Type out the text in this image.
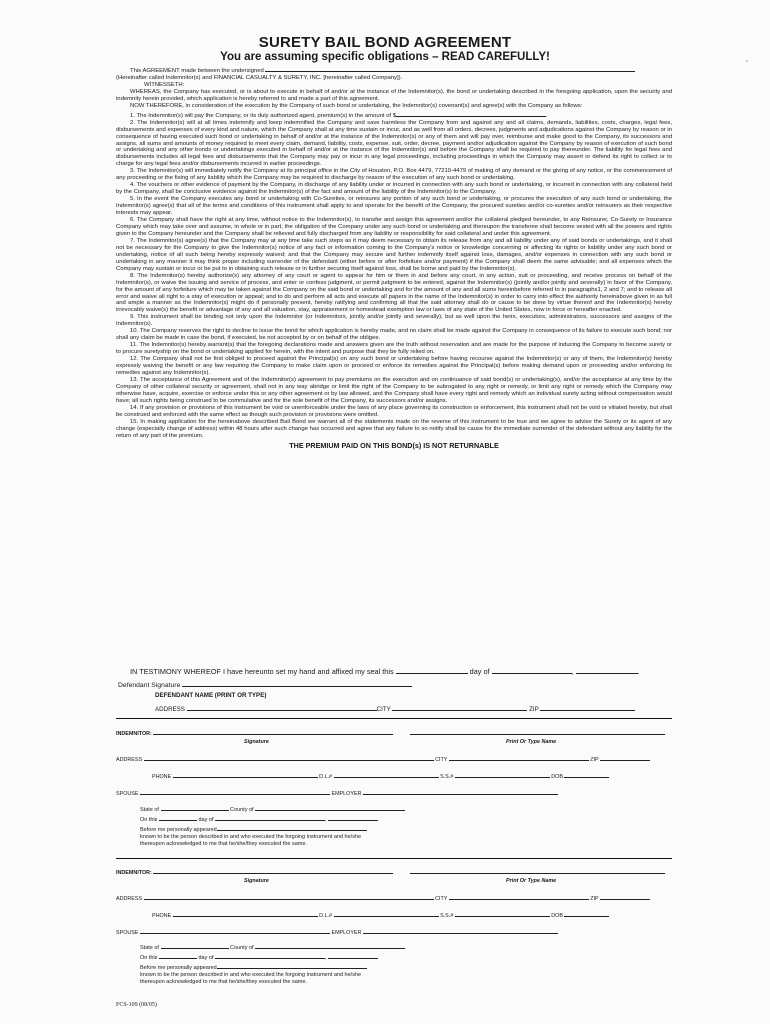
SURETY BAIL BOND AGREEMENT
You are assuming specific obligations – READ CAREFULLY!

This AGREEMENT made between the undersigned

(Hereinafter called Indemnitor(s) and FINANCIAL CASUALTY & SURETY, INC. [hereinafter called Company]).

WITNESSETH:

WHEREAS, the Company has executed, or is about to execute in behalf of and/or at the instance of the Indemnitor(s), the bond or undertaking described in the foregoing application, upon the security and indemnity herein provided, which application is hereby referred to and made a part of this agreement.

NOW THEREFORE, in consideration of the execution by the Company of such bond or undertaking, the Indemnitor(s) covenant(s) and agree(s) with the Company as follows:

1. The Indemnitor(s) will pay the Company, or its duly authorized agent, premium(s) in the amount of $	.

2. The Indemnitor(s) will at all times indemnify and keep indemnified the Company and save harmless the Company from and against any and all claims, demands, liabilities, costs, charges, legal fees, disbursements and expenses of every kind and nature, which the Company shall at any time sustain or incur, and as well from all orders, decrees, judgments and adjudications against the Company by reason or in consequence of having executed such bond or undertaking in behalf of and/or at the instance of the Indemnitor(s) or any of them and will pay over, reimburse and make good to the Company, its successors and assigns, all sums and amounts of money required to meet every claim, demand, liability, costs, expense, suit, order, decree, payment and/or adjudication against the Company by reason of execution of such bond or undertaking and any other bonds or undertakings executed in behalf of and/or at the instance of the Indemnitor(s) and before the Company shall be required to pay thereunder. The liability for legal fees and disbursements includes all legal fees and disbursements that the Company may pay or incur in any legal proceedings, including proceedings in which the Company may assert or defend its right to collect or to charge for any legal fees and/or disbursements incurred in earlier proceedings.

3. The Indemnitor(s) will immediately notify the Company at its principal office in the City of Houston, P.O. Box 4479, 77210-4479 of making of any demand or the giving of any notice, or the commencement of any proceeding or the fixing of any liability which the Company may be required to discharge by reason of the execution of any such bond or undertaking.

4. The vouchers or other evidence of payment by the Company, in discharge of any liability under or incurred in connection with any such bond or undertaking, or incurred in connection with any collateral held by the Company, shall be conclusive evidence against the Indemnitor(s) of the fact and amount of the liability of the Indemnitor(s) to the Company.

5. In the event the Company executes any bond or undertaking with Co-Sureties, or reinsures any portion of any such bond or undertaking, or procures the execution of any such bond or undertaking, the Indemnitor(s) agree(s) that all of the terms and conditions of this instrument shall apply to and operate for the benefit of the Company, the procured sureties and/or co-sureties and/or reinsurers as their respective interests may appear.

6. The Company shall have the right at any time, without notice to the Indemnitor(s), to transfer and assign this agreement and/or the collateral pledged hereunder, to any Reinsurer, Co-Surety or Insurance Company which may take over and assume, in whole or in part, the obligation of the Company under any such bond or undertaking and thereupon the transferee shall become vested with all the powers and rights given to the Company hereunder and the Company shall be relieved and fully discharged from any liability or responsibility for said collateral and under this agreement.

7. The Indemnitor(s) agree(s) that the Company may at any time take such steps as it may deem necessary to obtain its release from any and all liability under any of said bonds or undertakings, and it shall not be necessary for the Company to give the Indemnitor(s) notice of any fact or information coming to the Company's notice or knowledge concerning or affecting its rights or liability under any such bond or undertaking, notice of all such being hereby expressly waived; and that the Company may secure and further indemnify itself against loss, damages, and/or expenses in connection with any such bond or undertaking in any manner it may think proper including surrender of the defendant (either before or after forfeiture and/or payment) if the Company shall deem the same advisable; and all expenses which the Company may sustain or incur or be put to in obtaining such release or in further securing itself against loss, shall be borne and paid by the Indemnitor(s).

8. The Indemnitor(s) hereby authorize(s) any attorney of any court or agent to appear for him or them in and before any court, in any action, suit or proceeding, and receive process on behalf of the Indemnitor(s), or waive the issuing and service of process, and enter or confess judgment, or permit judgment to be entered, against the Indemnitor(s) (jointly and/or jointly and severally) in favor of the Company, for the amount of any forfeiture which may be taken against the Company on the said bond or undertaking and for the amount of any and all sums hereinbefore referred to in paragraphs1, 2 and 7; and to release all error and waive all right to a stay of execution or appeal; and to do and perform all acts and execute all papers in the name of the Indemnitor(s) in order to carry into effect the authority hereinabove given in as full and ample a manner as the Indemnitor(s) might do if personally present, hereby ratifying and confirming all that the said attorney shall do or cause to be done by virtue thereof and the Indemnitor(s) hereby irrevocably waive(s) the benefit or advantage of any and all valuation, stay, appraisement or homestead exemption law or laws of any state of the United States, now in force or hereafter enacted.

9. This instrument shall be binding not only upon the Indemnitor (or Indemnitors, jointly and/or jointly and severally), but as well upon the heirs, executors, administrators, successors and assigns of the Indemnitor(s).

10. The Company reserves the right to decline to issue the bond for which application is hereby made, and no claim shall be made against the Company in consequence of its failure to execute such bond; nor shall any claim be made in case the bond, if executed, be not accepted by or on behalf of the obligee.

11. The Indemnitor(s) hereby warrant(s) that the foregoing declarations made and answers given are the truth without reservation and are made for the purpose of inducing the Company to become surety or to procure suretyship on the bond or undertaking applied for herein, with the intent and purpose that they be fully relied on.

12. The Company shall not be first obliged to proceed against the Principal(s) on any such bond or undertaking before having recourse against the Indemnitor(s) or any of them, the Indemnitor(s) hereby expressly waiving the benefit or any law requiring the Company to make claim upon or proceed or enforce its remedies against the Principal(s) before making demand upon or proceeding and/or enforcing its remedies against any Indemnitor(s).

13. The acceptance of this Agreement and of the Indemnitor(s) agreement to pay premiums on the execution and on continuance of said bond(s) or undertaking(s), and/or the acceptance at any time by the Company of other collateral security or agreement, shall not in any way abridge or limit the right of the Company to be subrogated to any right or remedy, or limit any right or remedy which the Company may otherwise have, acquire, exercise or enforce under this or any other agreement or by law allowed, and the Company shall have every right and remedy which an individual surety acting without compensation would have; all such rights being construed to be commulative and for the sole benefit of the Company, its successors and/or assigns.

14. If any provision or provisions of this instrument be void or unenforceable under the laws of any place governing its construction or enforcement, this instrument shall not be void or vitiated hereby, but shall be construed and enforced with the same effect as though such provision or provisions were omitted.

15. In making application for the hereinabove described Bail Bond we warrant all of the statements made on the reverse of this instrument to be true and we agree to advise the Surety or its agent of any change (especially change of address) within 48 hours after such change has occurred and agree that any failure to so notify shall be cause for the immediate surrender of the defendant without any liability for the return of any part of the premium.

THE PREMIUM PAID ON THIS BOND(s) IS NOT RETURNABLE

IN TESTIMONY WHEREOF I have hereunto set my hand and affixed my seal this	day of	,	.
Defendant Signature
DEFENDANT NAME (PRINT OR TYPE)
ADDRESS	CITY	ZIP
INDEMNITOR:
Signature	Print Or Type Name
ADDRESS	CITY	ZIP
PHONE	D.L.#	S.S.#	DOB
SPOUSE	EMPLOYER
State of	County of
On this	day of	,
Before me personally appeared
known to be the person described in and who executed the forgoing instrument and he/she
thereupon acknowledged to me that he/she/they executed the same.
INDEMNITOR:
Signature	Print Or Type Name
ADDRESS	CITY	ZIP
PHONE	D.L.#	S.S.#	DOB
SPOUSE	EMPLOYER
State of	County of
On this	day of	,
Before me personally appeared
known to be the person described in and who executed the forgoing instrument and he/she
thereupon acknowledged to me that he/she/they executed the same.
FCS-109 (08/05)
